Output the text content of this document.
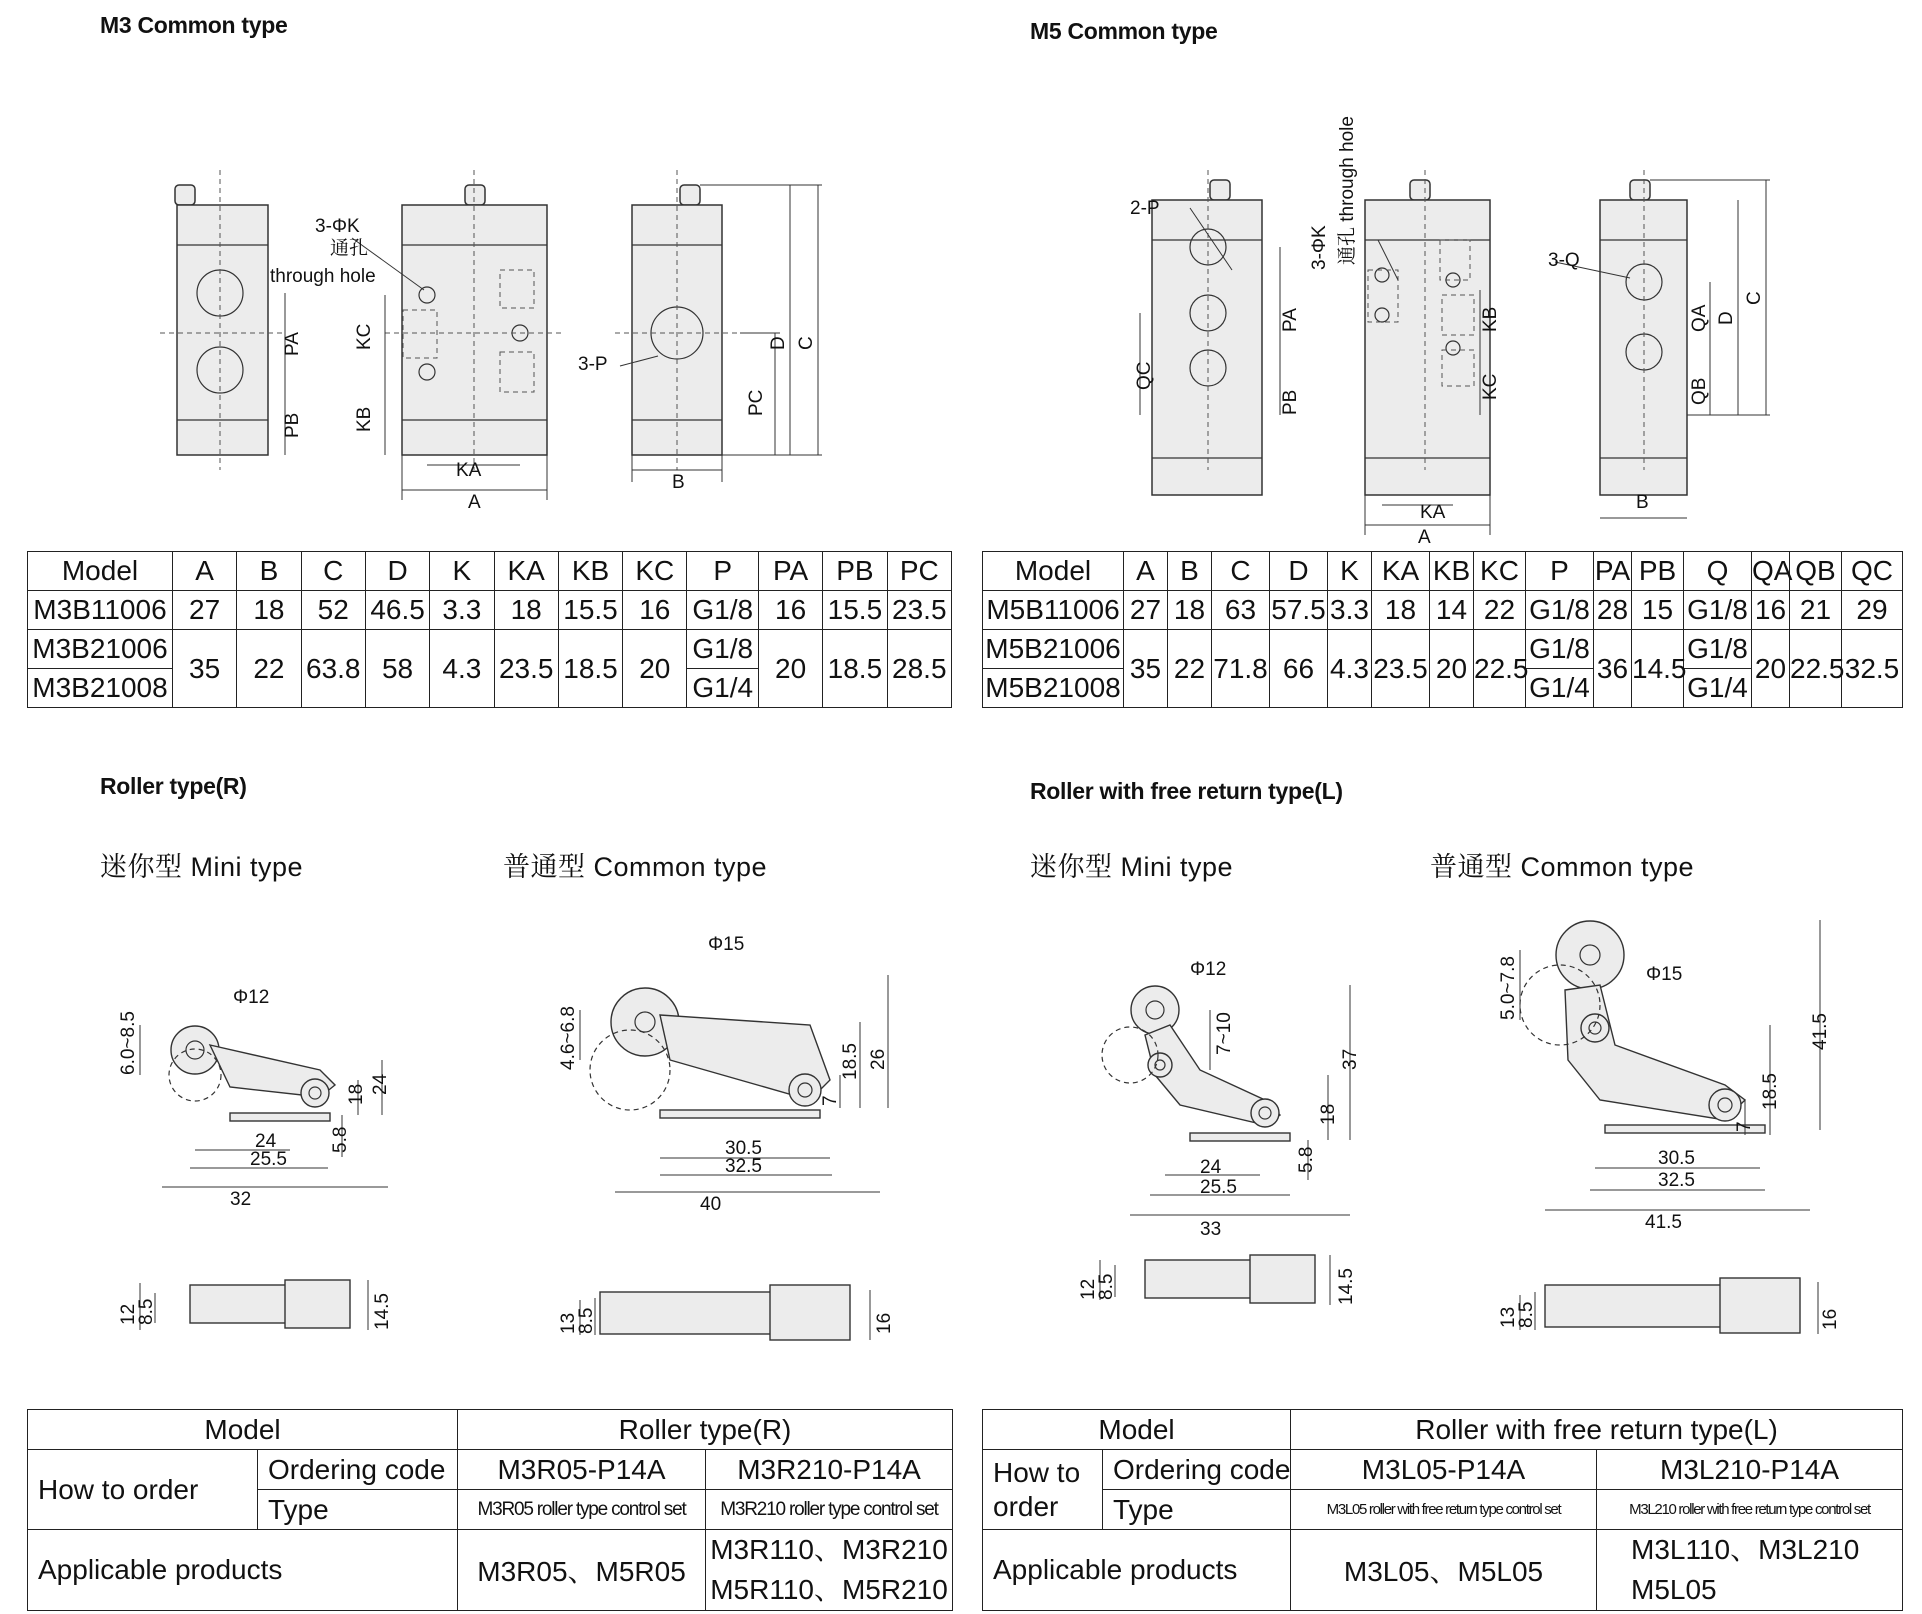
M3 Common type	M5 Common type
Roller type(R)	Roller with free return type(L)
迷你型 Mini type	普通型 Common type	迷你型 Mini type	普通型 Common type
3-ΦK
通孔
through hole
3-P
KA
A
B
PA
PB
KC
KB
PC
D C
2-P
3-Q
KA
A
B
3-ΦK 通孔 through hole
QC
PA
PB
KB
KC
QA
QB
D
C
Model	A	B	C	D	K	KA	KB	KC	P	PA	PB	PC
M3B11006	27	18	52	46.5	3.3	18	15.5	16	G1/8	16	15.5	23.5
M3B21006	35	22	63.8	58	4.3	23.5	18.5	20	G1/8	20	18.5	28.5
M3B21008									G1/4			
Model	A	B	C	D	K	KA	KB	KC	P	PA	PB	Q	QA	QB	QC
M5B11006	27	18	63	57.5	3.3	18	14	22	G1/8	28	15	G1/8	16	21	29
M5B21006	35	22	71.8	66	4.3	23.5	20	22.5	G1/8	36	14.5	G1/8	20	22.5	32.5
M5B21008									G1/4			G1/4			
Φ12
6.0~8.5
24
25.5
32
18 24
5.8
12
8.5	14.5
Φ15
4.6~6.8
30.5
32.5
40
7
18.5 26
13
8.5	16
Φ12
7~10
24
25.5
33
37
18
5.8
12
8.5	14.5
Φ15
5.0~7.8
30.5
32.5
41.5
41.5
18.5
7
13
8.5	16
Model		Roller type(R)	
How to order	Ordering code	M3R05-P14A	M3R210-P14A
	Type	M3R05 roller type control set	M3R210 roller type control set
Applicable products		M3R05、M5R05	M3R110、M3R210
M5R110、M5R210
Model		Roller with free return type(L)	

How to
order	Ordering code	M3L05-P14A	M3L210-P14A
	Type	M3L05 roller with free return type control set	M3L210 roller with free return type control set
Applicable products		M3L05、M5L05	M3L110、M3L210
M5L05
